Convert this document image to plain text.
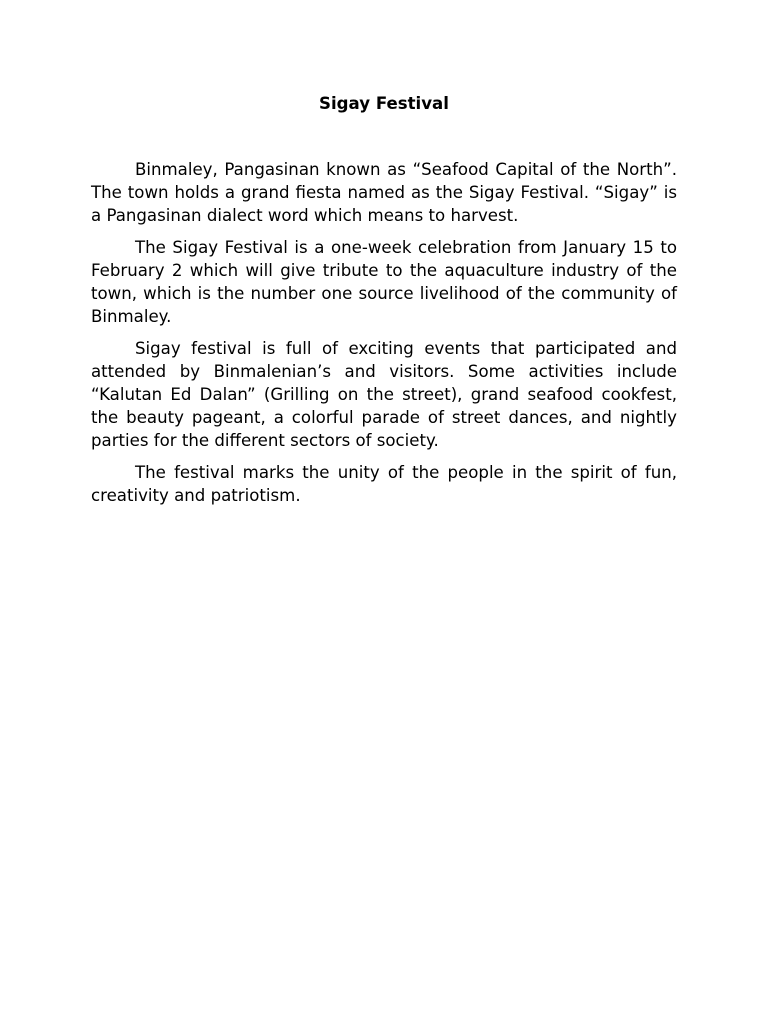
Sigay Festival

Binmaley, Pangasinan known as “Seafood Capital of the North”. The town holds a grand fiesta named as the Sigay Festival. “Sigay” is a Pangasinan dialect word which means to harvest.

The Sigay Festival is a one-week celebration from January 15 to February 2 which will give tribute to the aquaculture industry of the town, which is the number one source livelihood of the community of Binmaley.

Sigay festival is full of exciting events that participated and attended by Binmalenian’s and visitors. Some activities include “Kalutan Ed Dalan” (Grilling on the street), grand seafood cookfest, the beauty pageant, a colorful parade of street dances, and nightly parties for the different sectors of society.

The festival marks the unity of the people in the spirit of fun, creativity and patriotism.
